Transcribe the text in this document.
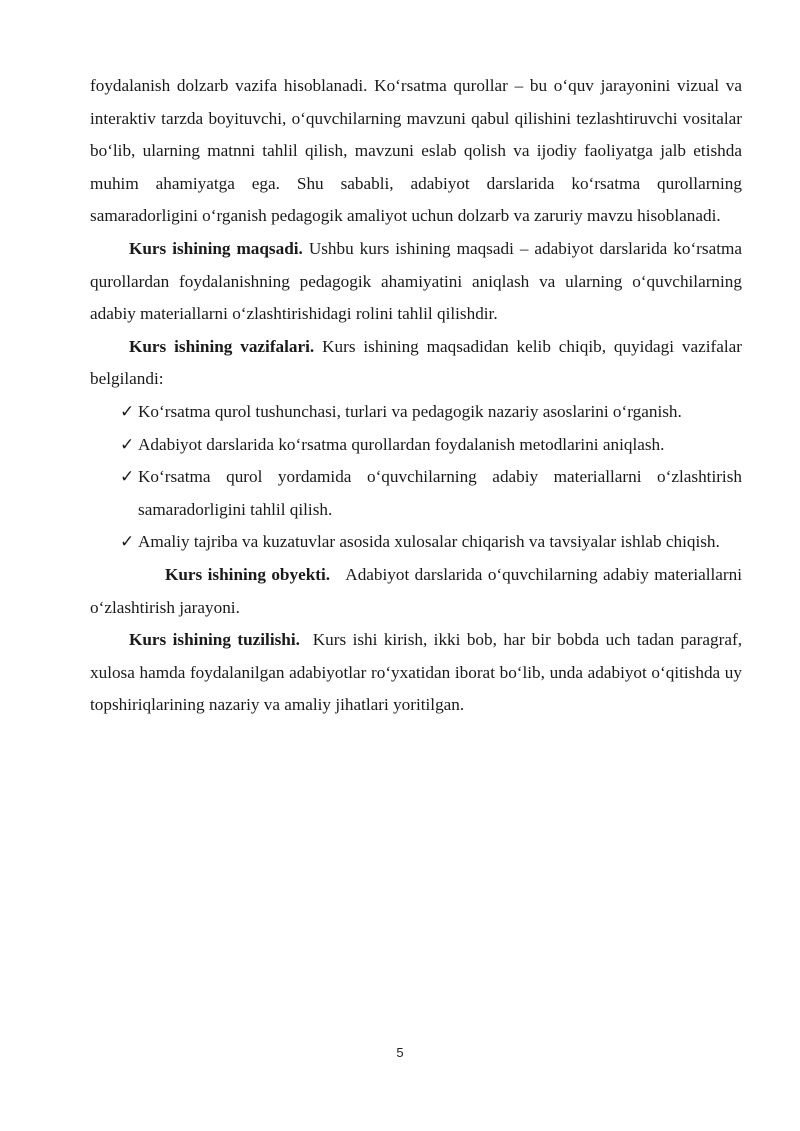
foydalanish dolzarb vazifa hisoblanadi. Ko‘rsatma qurollar – bu o‘quv jarayonini vizual va interaktiv tarzda boyituvchi, o‘quvchilarning mavzuni qabul qilishini tezlashtiruvchi vositalar bo‘lib, ularning matnni tahlil qilish, mavzuni eslab qolish va ijodiy faoliyatga jalb etishda muhim ahamiyatga ega. Shu sababli, adabiyot darslarida ko‘rsatma qurollarning samaradorligini o‘rganish pedagogik amaliyot uchun dolzarb va zaruriy mavzu hisoblanadi.

Kurs ishining maqsadi. Ushbu kurs ishining maqsadi – adabiyot darslarida ko‘rsatma qurollardan foydalanishning pedagogik ahamiyatini aniqlash va ularning o‘quvchilarning adabiy materiallarni o‘zlashtirishidagi rolini tahlil qilishdir.

Kurs ishining vazifalari. Kurs ishining maqsadidan kelib chiqib, quyidagi vazifalar belgilandi:

✓ Ko‘rsatma qurol tushunchasi, turlari va pedagogik nazariy asoslarini o‘rganish.
✓ Adabiyot darslarida ko‘rsatma qurollardan foydalanish metodlarini aniqlash.
✓ Ko‘rsatma qurol yordamida o‘quvchilarning adabiy materiallarni o‘zlashtirish samaradorligini tahlil qilish.
✓ Amaliy tajriba va kuzatuvlar asosida xulosalar chiqarish va tavsiyalar ishlab chiqish.

Kurs ishining obyekti.   Adabiyot darslarida o‘quvchilarning adabiy materiallarni o‘zlashtirish jarayoni.

Kurs ishining tuzilishi.  Kurs ishi kirish, ikki bob, har bir bobda uch tadan paragraf, xulosa hamda foydalanilgan adabiyotlar ro‘yxatidan iborat bo‘lib, unda adabiyot o‘qitishda uy topshiriqlarining nazariy va amaliy jihatlari yoritilgan.

5
